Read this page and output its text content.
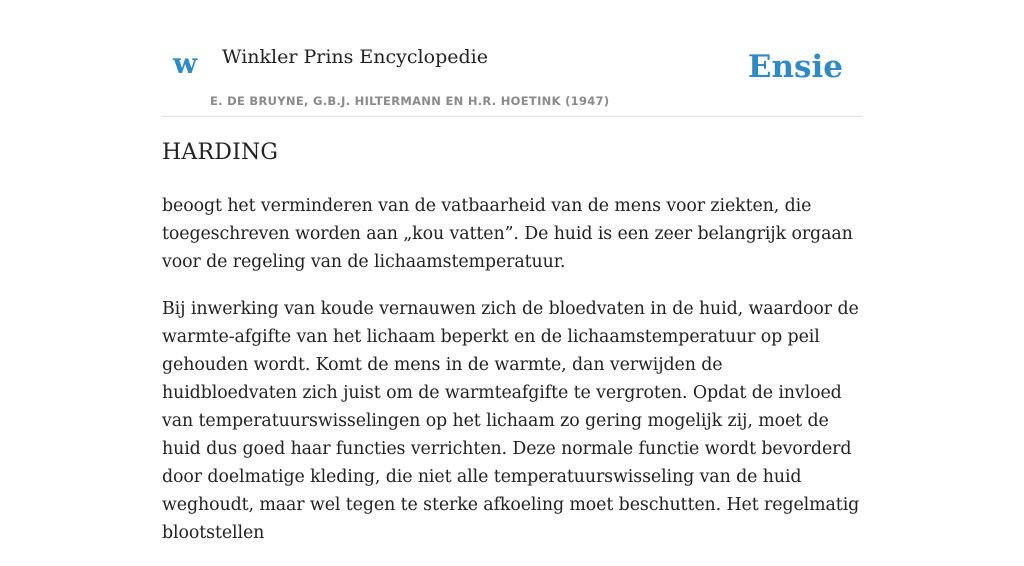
w Winkler Prins Encyclopedie
E. DE BRUYNE, G.B.J. HILTERMANN EN H.R. HOETINK (1947)
Ensie
HARDING

beoogt het verminderen van de vatbaarheid van de mens voor ziekten, die toegeschreven worden aan „kou vatten”. De huid is een zeer belangrijk orgaan voor de regeling van de lichaamstemperatuur.

Bij inwerking van koude vernauwen zich de bloedvaten in de huid, waardoor de warmte-afgifte van het lichaam beperkt en de lichaamstemperatuur op peil gehouden wordt. Komt de mens in de warmte, dan verwijden de huidbloedvaten zich juist om de warmteafgifte te vergroten. Opdat de invloed van temperatuurswisselingen op het lichaam zo gering mogelijk zij, moet de huid dus goed haar functies verrichten. Deze normale functie wordt bevorderd door doelmatige kleding, die niet alle temperatuurswisseling van de huid weghoudt, maar wel tegen te sterke afkoeling moet beschutten. Het regelmatig blootstellen
